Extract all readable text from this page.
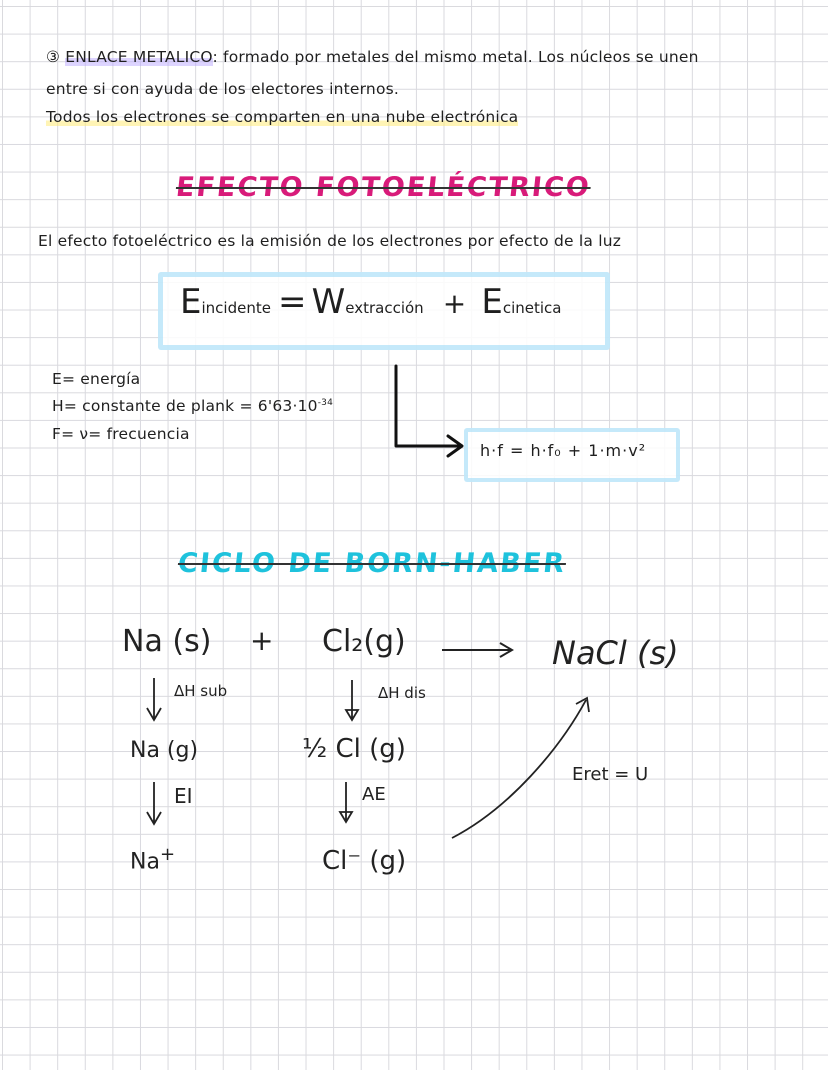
③ ENLACE METALICO: formado por metales del mismo metal. Los núcleos se unen
entre si con ayuda de los electores internos.
Todos los electrones se comparten en una nube electrónica
EFECTO FOTOELÉCTRICO
El efecto fotoeléctrico es la emisión de los electrones por efecto de la luz
Eincidente = Wextracción + Ecinetica
E= energía
H= constante de plank = $6'63\cdot 10^{-34}$
F= ν= frecuencia
h·f = h·f₀ + 1·m·v²
CICLO DE BORN-HABER
Na (s) + Cl₂(g)	NaCl (s)
ΔH sub	ΔH dis
Na (g)	½ Cl (g)
EI	AE
Na+	Cl⁻ (g)
Eret = U
